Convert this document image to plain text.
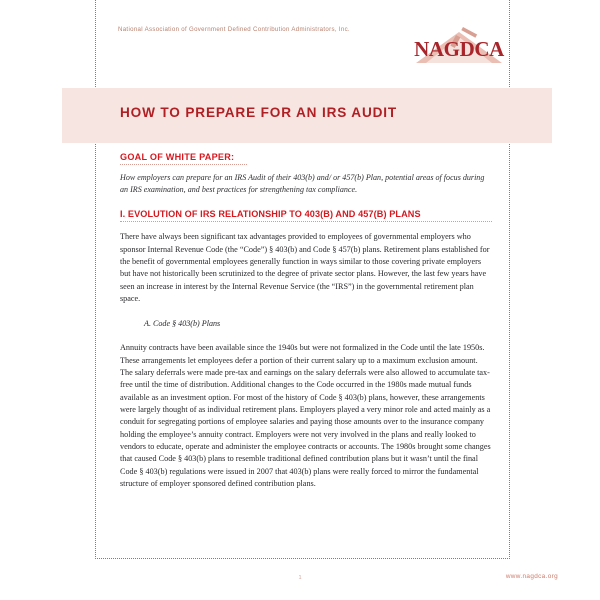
National Association of Government Defined Contribution Administrators, Inc.
NAGDCA
HOW TO PREPARE FOR AN IRS AUDIT
GOAL OF WHITE PAPER:
How employers can prepare for an IRS Audit of their 403(b) and/ or 457(b) Plan, potential areas of focus during an IRS examination, and best practices for strengthening tax compliance.
I. EVOLUTION OF IRS RELATIONSHIP TO 403(B) AND 457(B) PLANS

There have always been significant tax advantages provided to employees of governmental employers who sponsor Internal Revenue Code (the “Code”) § 403(b) and Code § 457(b) plans. Retirement plans established for the benefit of governmental employees generally function in ways similar to those covering private employers but have not historically been scrutinized to the degree of private sector plans. However, the last few years have seen an increase in interest by the Internal Revenue Service (the “IRS”) in the governmental retirement plan space.

A. Code § 403(b) Plans

Annuity contracts have been available since the 1940s but were not formalized in the Code until the late 1950s. These arrangements let employees defer a portion of their current salary up to a maximum exclusion amount. The salary deferrals were made pre-tax and earnings on the salary deferrals were also allowed to accumulate tax-free until the time of distribution. Additional changes to the Code occurred in the 1980s made mutual funds available as an investment option. For most of the history of Code § 403(b) plans, however, these arrangements were largely thought of as individual retirement plans. Employers played a very minor role and acted mainly as a conduit for segregating portions of employee salaries and paying those amounts over to the insurance company holding the employee’s annuity contract. Employers were not very involved in the plans and really looked to vendors to educate, operate and administer the employee contracts or accounts. The 1980s brought some changes that caused Code § 403(b) plans to resemble traditional defined contribution plans but it wasn’t until the final Code § 403(b) regulations were issued in 2007 that 403(b) plans were really forced to mirror the fundamental structure of employer sponsored defined contribution plans.

1	www.nagdca.org
